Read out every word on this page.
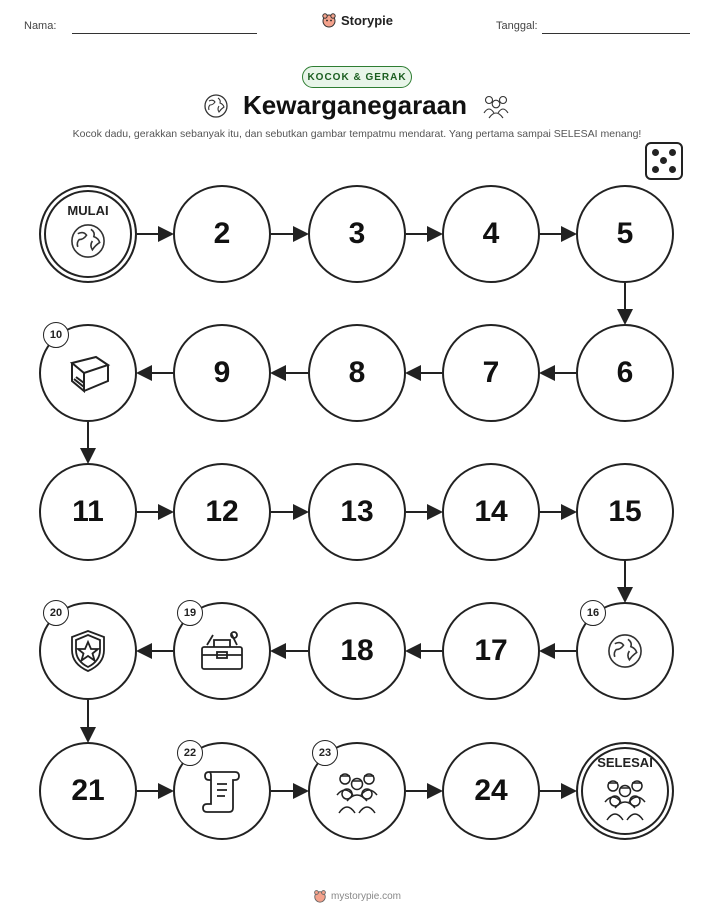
Nama:	Storypie	Tanggal:
KOCOK & GERAK
Kewarganegaraan
Kocok dadu, gerakkan sebanyak itu, dan sebutkan gambar tempatmu mendarat. Yang pertama sampai SELESAI menang!
MULAI
2	3	4	5
6
7
8
9
10
11	12	13	14	15
16
17
18
19
20
21
22	23
24
SELESAI
mystorypie.com
